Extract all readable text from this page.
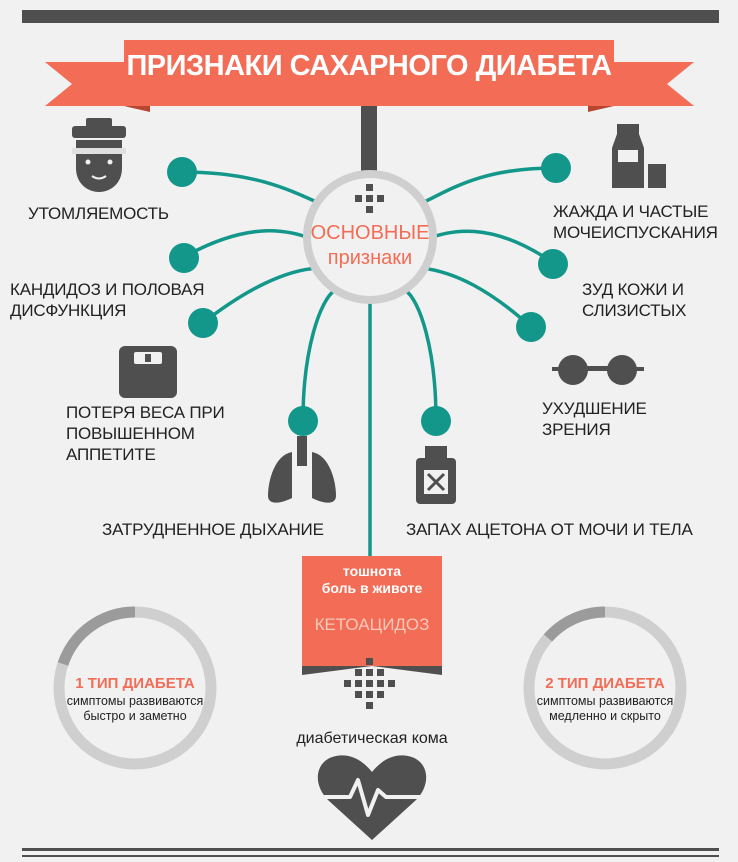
ПРИЗНАКИ САХАРНОГО ДИАБЕТА
ОСНОВНЫЕ
признаки
УТОМЛЯЕМОСТЬ
КАНДИДОЗ И ПОЛОВАЯ
ДИСФУНКЦИЯ
ПОТЕРЯ ВЕСА ПРИ
ПОВЫШЕННОМ
АППЕТИТЕ
ЗАТРУДНЕННОЕ ДЫХАНИЕ	ЗАПАХ АЦЕТОНА ОТ МОЧИ И ТЕЛА
УХУДШЕНИЕ
ЗРЕНИЯ
ЗУД КОЖИ И
СЛИЗИСТЫХ
ЖАЖДА И ЧАСТЫЕ
МОЧЕИСПУСКАНИЯ
тошнота
боль в животе
КЕТОАЦИДОЗ
диабетическая кома
1 ТИП ДИАБЕТА
симптомы развиваются
быстро и заметно
2 ТИП ДИАБЕТА
симптомы развиваются
медленно и скрыто
